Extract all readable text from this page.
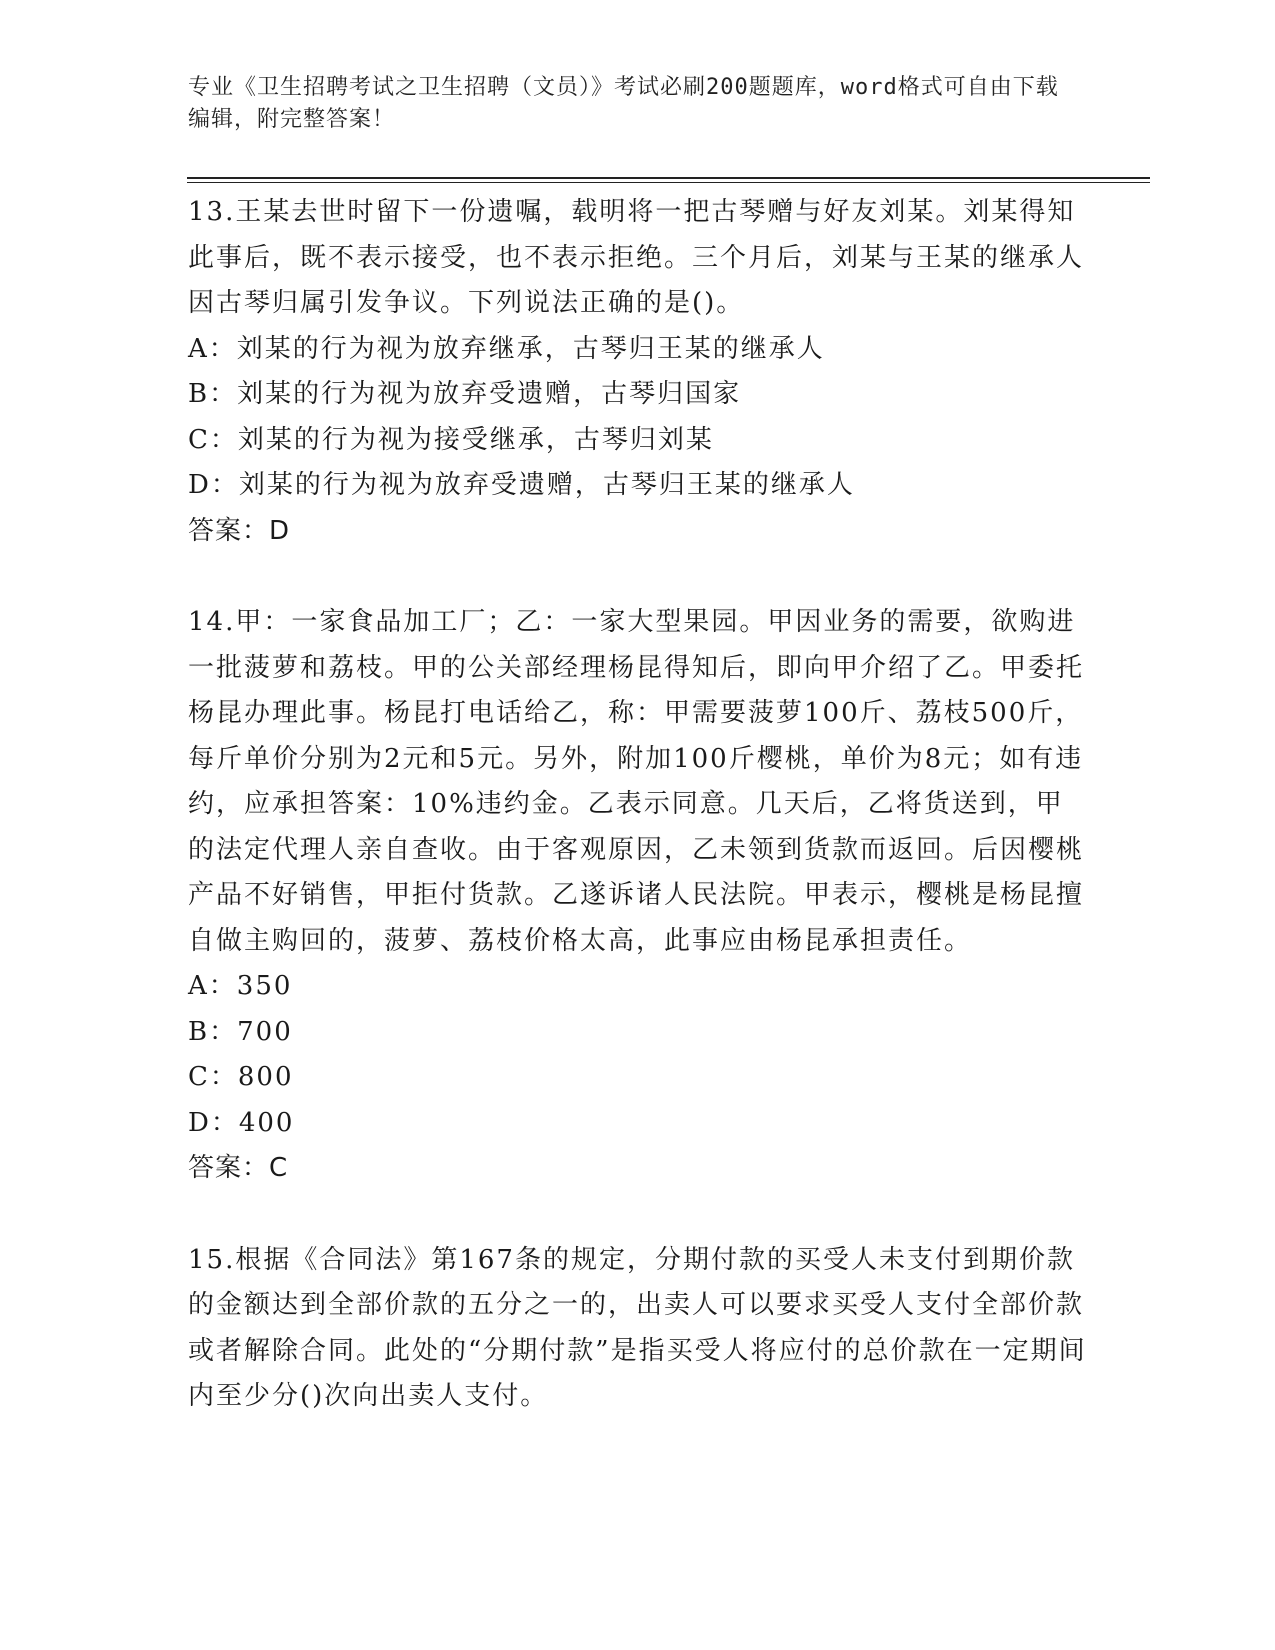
专业《卫生招聘考试之卫生招聘（文员）》考试必刷200题题库，word格式可自由下载编辑，附完整答案！

13.王某去世时留下一份遗嘱，载明将一把古琴赠与好友刘某。刘某得知此事后，既不表示接受，也不表示拒绝。三个月后，刘某与王某的继承人因古琴归属引发争议。下列说法正确的是()。

A：刘某的行为视为放弃继承，古琴归王某的继承人

B：刘某的行为视为放弃受遗赠，古琴归国家

C：刘某的行为视为接受继承，古琴归刘某

D：刘某的行为视为放弃受遗赠，古琴归王某的继承人

答案：D

14.甲：一家食品加工厂；乙：一家大型果园。甲因业务的需要，欲购进一批菠萝和荔枝。甲的公关部经理杨昆得知后，即向甲介绍了乙。甲委托杨昆办理此事。杨昆打电话给乙，称：甲需要菠萝100斤、荔枝500斤，每斤单价分别为2元和5元。另外，附加100斤樱桃，单价为8元；如有违约，应承担答案：10%违约金。乙表示同意。几天后，乙将货送到，甲的法定代理人亲自查收。由于客观原因，乙未领到货款而返回。后因樱桃产品不好销售，甲拒付货款。乙遂诉诸人民法院。甲表示，樱桃是杨昆擅自做主购回的，菠萝、荔枝价格太高，此事应由杨昆承担责任。

A：350

B：700

C：800

D：400

答案：C

15.根据《合同法》第167条的规定，分期付款的买受人未支付到期价款的金额达到全部价款的五分之一的，出卖人可以要求买受人支付全部价款或者解除合同。此处的“分期付款”是指买受人将应付的总价款在一定期间内至少分()次向出卖人支付。
